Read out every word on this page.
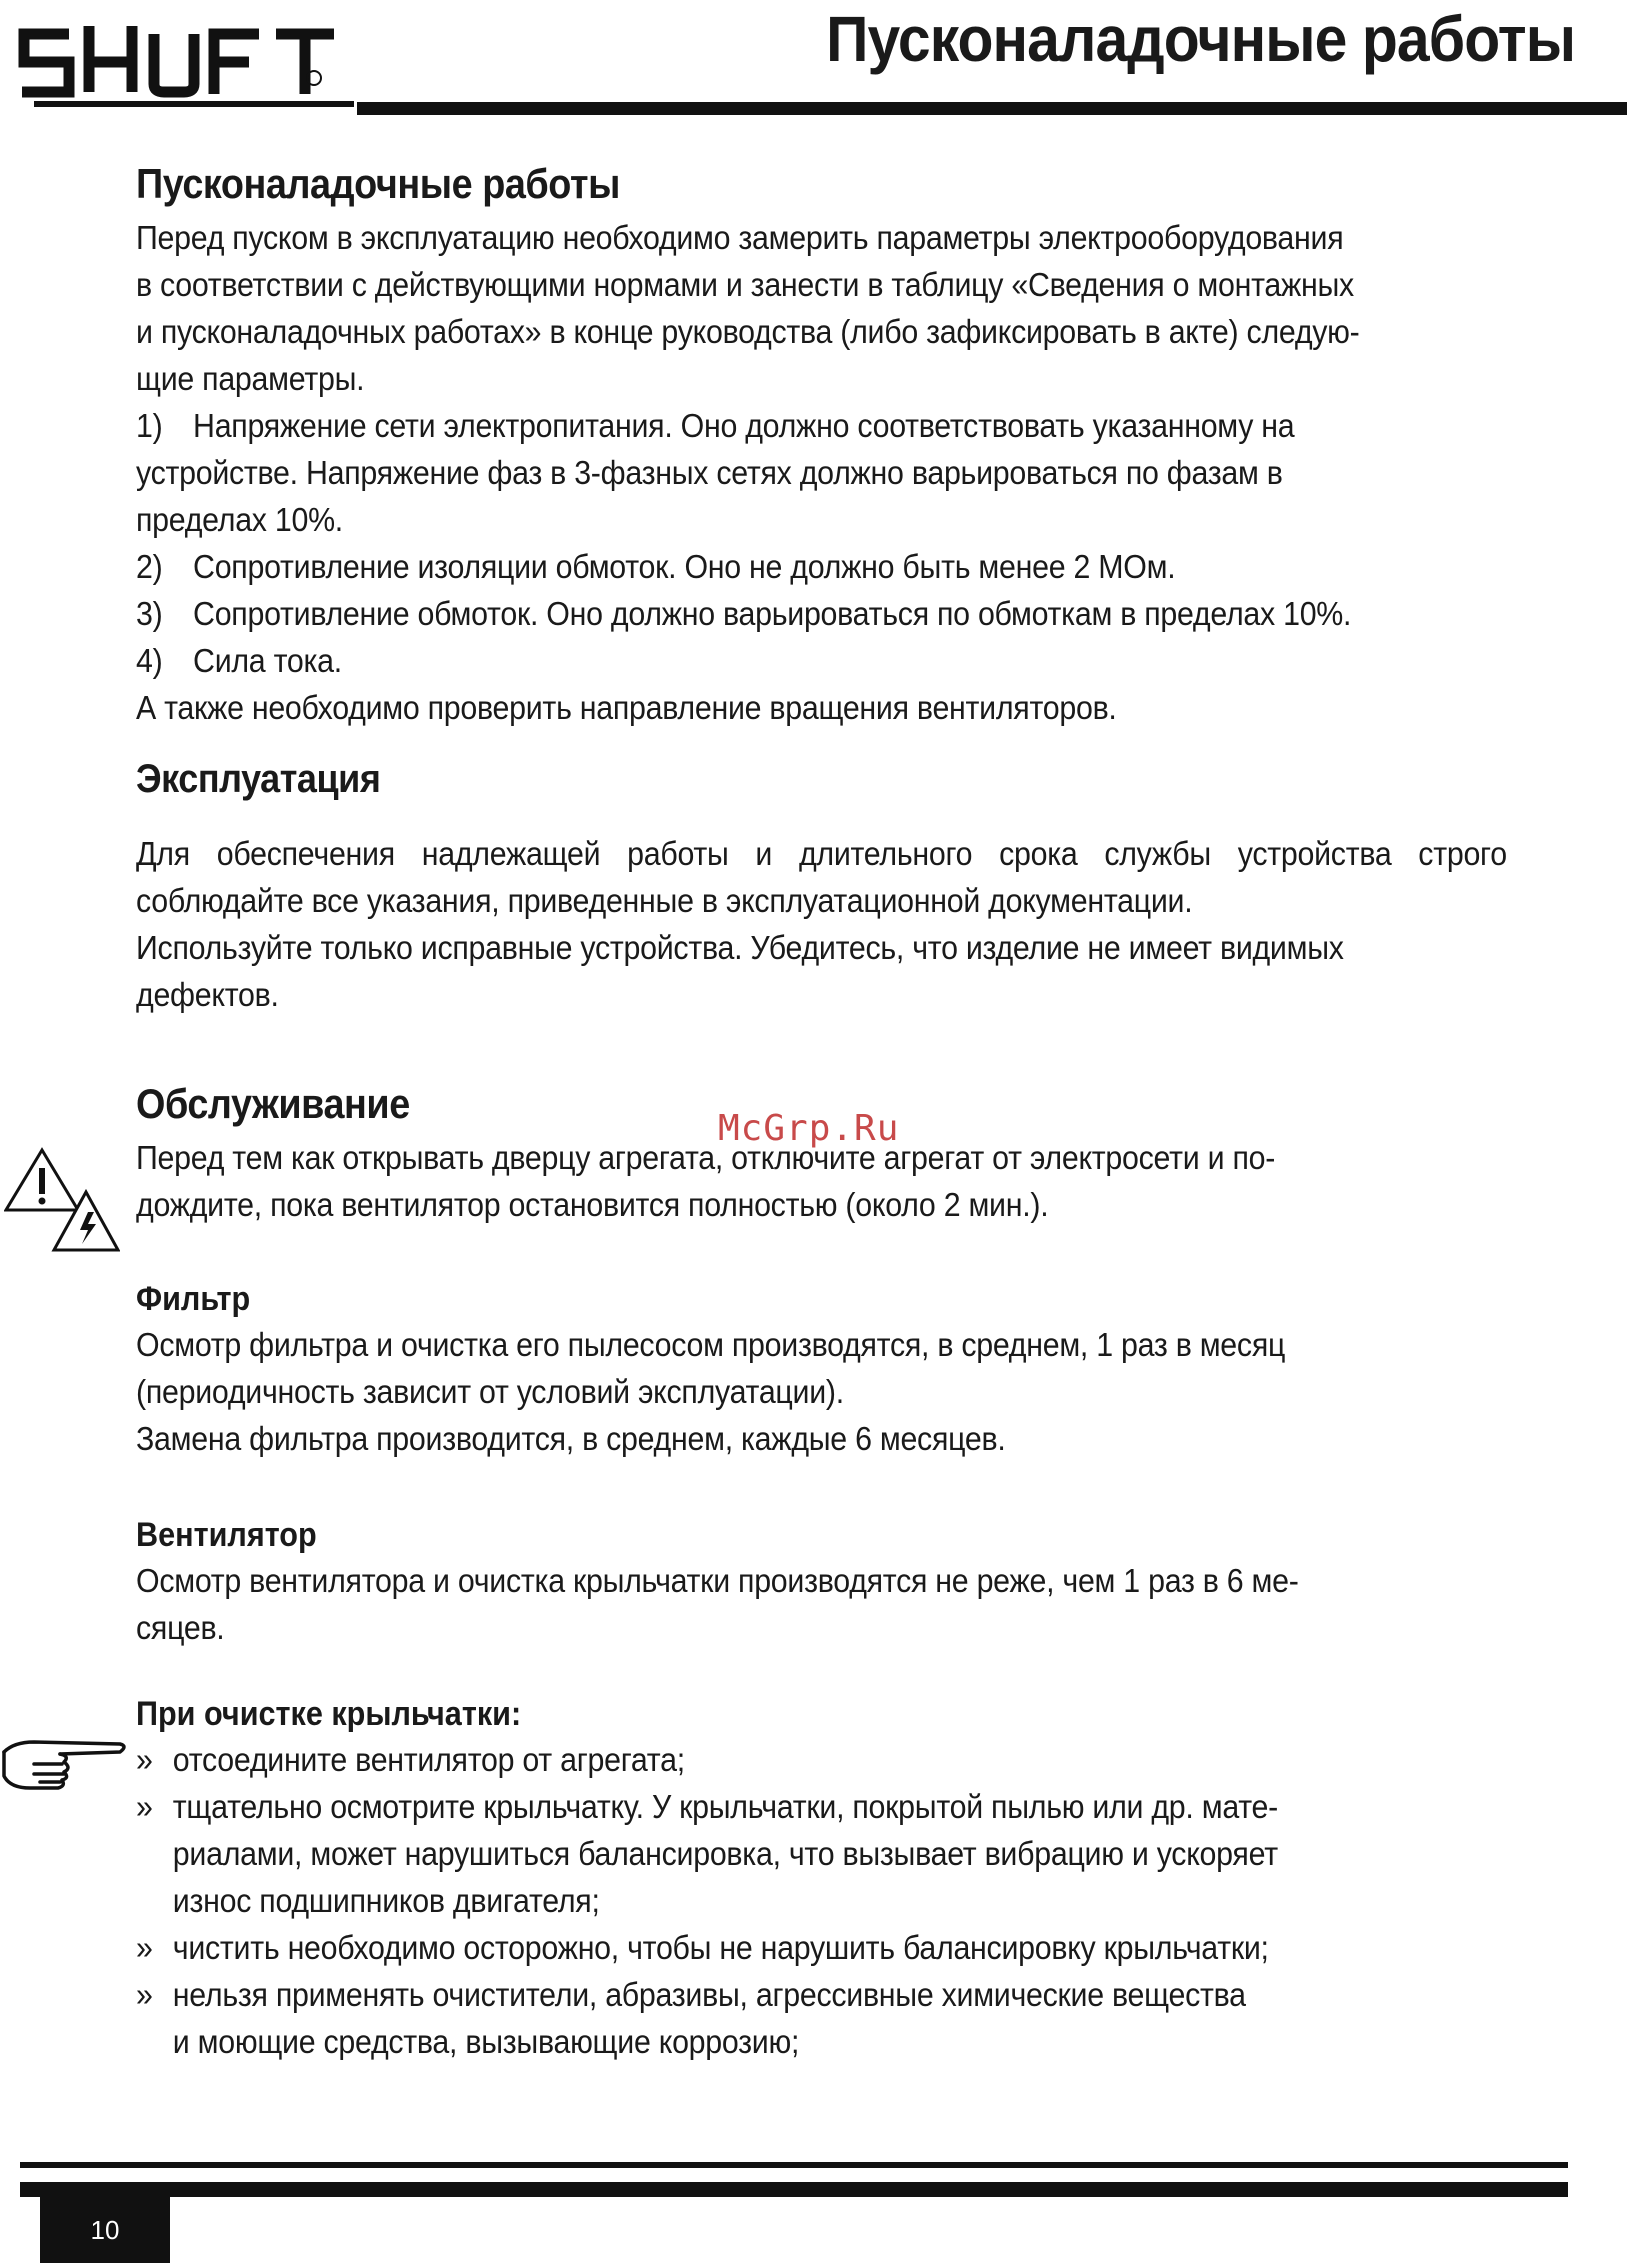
Пусконаладочные работы
McGrp.Ru
Пусконаладочные работы

Перед пуском в эксплуатацию необходимо замерить параметры электрооборудования

в соответствии с действующими нормами и занести в таблицу «Сведения о монтажных

и пусконаладочных работах» в конце руководства (либо зафиксировать в акте) следую-

щие параметры.

1) Напряжение сети электропитания. Оно должно соответствовать указанному на
устройстве. Напряжение фаз в 3-фазных сетях должно варьироваться по фазам в
пределах 10%.
2) Сопротивление изоляции обмоток. Оно не должно быть менее 2 МОм.
3) Сопротивление обмоток. Оно должно варьироваться по обмоткам в пределах 10%.
4) Сила тока.

А также необходимо проверить направление вращения вентиляторов.

Эксплуатация

Для обеспечения надлежащей работы и длительного срока службы устройства строго

соблюдайте все указания, приведенные в эксплуатационной документации.

Используйте только исправные устройства. Убедитесь, что изделие не имеет видимых

дефектов.

Обслуживание

Перед тем как открывать дверцу агрегата, отключите агрегат от электросети и по-

дождите, пока вентилятор остановится полностью (около 2 мин.).

Фильтр

Осмотр фильтра и очистка его пылесосом производятся, в среднем, 1 раз в месяц

(периодичность зависит от условий эксплуатации).

Замена фильтра производится, в среднем, каждые 6 месяцев.

Вентилятор

Осмотр вентилятора и очистка крыльчатки производятся не реже, чем 1 раз в 6 ме-

сяцев.

При очистке крыльчатки:
» отсоедините вентилятор от агрегата;
» тщательно осмотрите крыльчатку. У крыльчатки, покрытой пылью или др. мате-
риалами, может нарушиться балансировка, что вызывает вибрацию и ускоряет
износ подшипников двигателя;
» чистить необходимо осторожно, чтобы не нарушить балансировку крыльчатки;
» нельзя применять очистители, абразивы, агрессивные химические вещества
и моющие средства, вызывающие коррозию;
10
